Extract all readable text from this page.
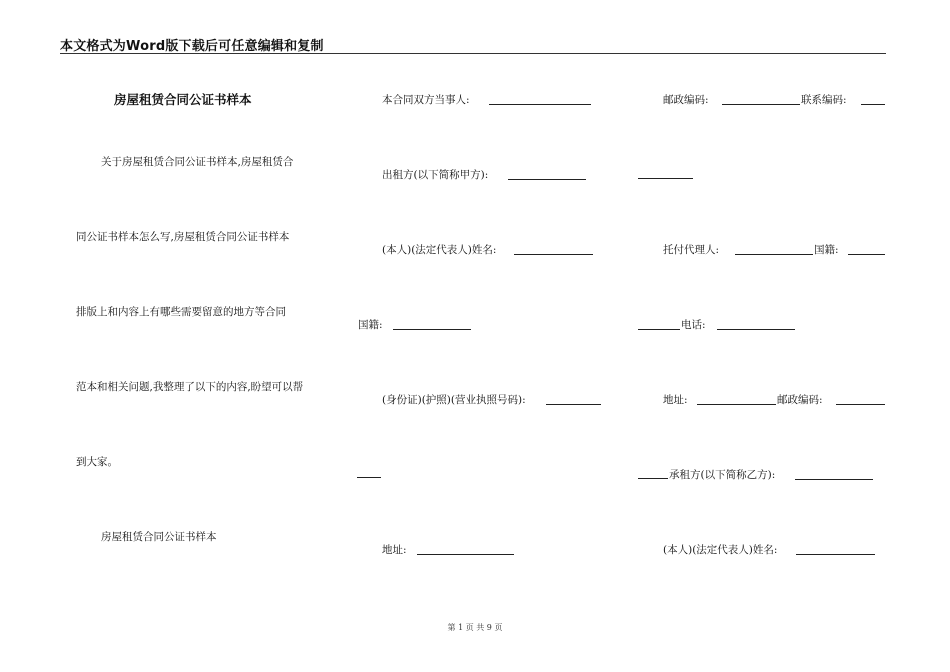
本文格式为Word版下载后可任意编辑和复制
房屋租赁合同公证书样本
关于房屋租赁合同公证书样本,房屋租赁合
同公证书样本怎么写,房屋租赁合同公证书样本
排版上和内容上有哪些需要留意的地方等合同
范本和相关问题,我整理了以下的内容,盼望可以帮
到大家。
房屋租赁合同公证书样本
本合同双方当事人:
出租方(以下简称甲方):
(本人)(法定代表人)姓名:
国籍:
(身份证)(护照)(营业执照号码):
地址:
邮政编码:	联系编码:
托付代理人:	国籍:
电话:
地址:	邮政编码:
承租方(以下简称乙方):
(本人)(法定代表人)姓名:
第 1 页 共 9 页
